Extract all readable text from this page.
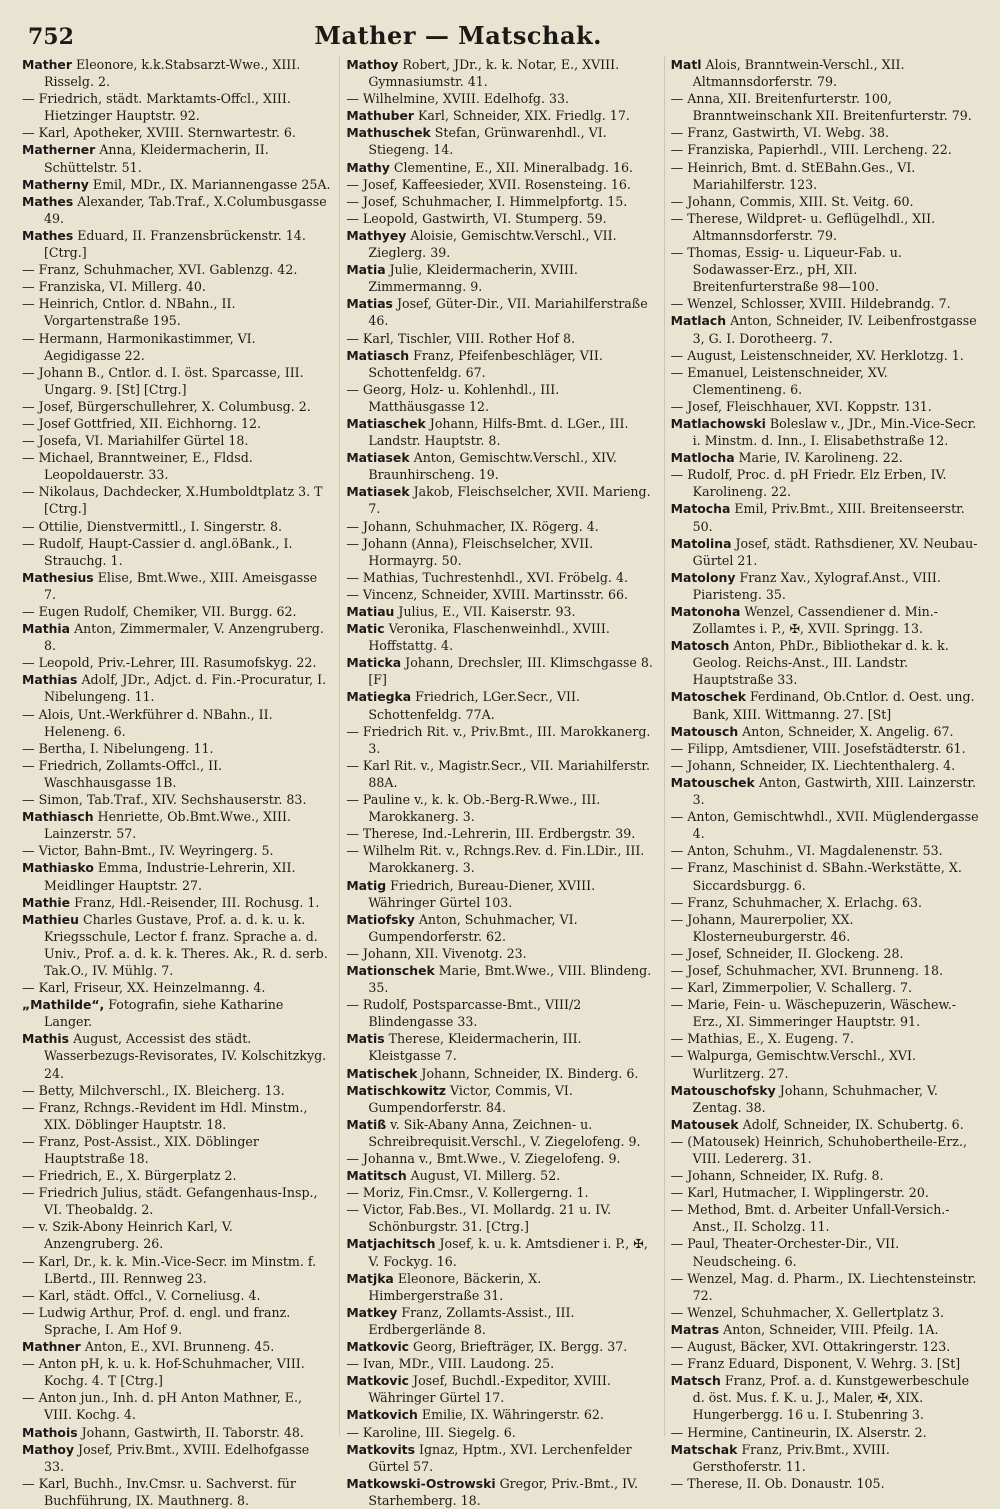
752	Mather — Matschak.

Mather Eleonore, k.k.Stabsarzt-Wwe., XIII. Risselg. 2.

— Friedrich, städt. Marktamts-Offcl., XIII. Hietzinger Hauptstr. 92.

— Karl, Apotheker, XVIII. Sternwartestr. 6.

Matherner Anna, Kleidermacherin, II. Schüttelstr. 51.

Matherny Emil, MDr., IX. Mariannengasse 25A.

Mathes Alexander, Tab.Traf., X.Columbusgasse 49.

Mathes Eduard, II. Franzensbrückenstr. 14. [Ctrg.]

— Franz, Schuhmacher, XVI. Gablenzg. 42.

— Franziska, VI. Millerg. 40.

— Heinrich, Cntlor. d. NBahn., II. Vorgartenstraße 195.

— Hermann, Harmonikastimmer, VI. Aegidigasse 22.

— Johann B., Cntlor. d. I. öst. Sparcasse, III. Ungarg. 9. [St] [Ctrg.]

— Josef, Bürgerschullehrer, X. Columbusg. 2.

— Josef Gottfried, XII. Eichhorng. 12.

— Josefa, VI. Mariahilfer Gürtel 18.

— Michael, Branntweiner, E., Fldsd. Leopoldauerstr. 33.

— Nikolaus, Dachdecker, X.Humboldtplatz 3. T [Ctrg.]

— Ottilie, Dienstvermittl., I. Singerstr. 8.

— Rudolf, Haupt-Cassier d. angl.öBank., I. Strauchg. 1.

Mathesius Elise, Bmt.Wwe., XIII. Ameisgasse 7.

— Eugen Rudolf, Chemiker, VII. Burgg. 62.

Mathia Anton, Zimmermaler, V. Anzengruberg. 8.

— Leopold, Priv.-Lehrer, III. Rasumofskyg. 22.

Mathias Adolf, JDr., Adjct. d. Fin.-Procuratur, I. Nibelungeng. 11.

— Alois, Unt.-Werkführer d. NBahn., II. Heleneng. 6.

— Bertha, I. Nibelungeng. 11.

— Friedrich, Zollamts-Offcl., II. Waschhausgasse 1B.

— Simon, Tab.Traf., XIV. Sechshauserstr. 83.

Mathiasch Henriette, Ob.Bmt.Wwe., XIII. Lainzerstr. 57.

— Victor, Bahn-Bmt., IV. Weyringerg. 5.

Mathiasko Emma, Industrie-Lehrerin, XII. Meidlinger Hauptstr. 27.

Mathie Franz, Hdl.-Reisender, III. Rochusg. 1.

Mathieu Charles Gustave, Prof. a. d. k. u. k. Kriegsschule, Lector f. franz. Sprache a. d. Univ., Prof. a. d. k. k. Theres. Ak., R. d. serb. Tak.O., IV. Mühlg. 7.

— Karl, Friseur, XX. Heinzelmanng. 4.

„Mathilde“, Fotografin, siehe Katharine Langer.

Mathis August, Accessist des städt. Wasserbezugs-Revisorates, IV. Kolschitzkyg. 24.

— Betty, Milchverschl., IX. Bleicherg. 13.

— Franz, Rchngs.-Revident im Hdl. Minstm., XIX. Döblinger Hauptstr. 18.

— Franz, Post-Assist., XIX. Döblinger Hauptstraße 18.

— Friedrich, E., X. Bürgerplatz 2.

— Friedrich Julius, städt. Gefangenhaus-Insp., VI. Theobaldg. 2.

— v. Szik-Abony Heinrich Karl, V. Anzengruberg. 26.

— Karl, Dr., k. k. Min.-Vice-Secr. im Minstm. f. LBertd., III. Rennweg 23.

— Karl, städt. Offcl., V. Corneliusg. 4.

— Ludwig Arthur, Prof. d. engl. und franz. Sprache, I. Am Hof 9.

Mathner Anton, E., XVI. Brunneng. 45.

— Anton pH, k. u. k. Hof-Schuhmacher, VIII. Kochg. 4. T [Ctrg.]

— Anton jun., Inh. d. pH Anton Mathner, E., VIII. Kochg. 4.

Mathois Johann, Gastwirth, II. Taborstr. 48.

Mathoy Josef, Priv.Bmt., XVIII. Edelhofgasse 33.

— Karl, Buchh., Inv.Cmsr. u. Sachverst. für Buchführung, IX. Mauthnerg. 8.

Mathoy Robert, JDr., k. k. Notar, E., XVIII. Gymnasiumstr. 41.

— Wilhelmine, XVIII. Edelhofg. 33.

Mathuber Karl, Schneider, XIX. Friedlg. 17.

Mathuschek Stefan, Grünwarenhdl., VI. Stiegeng. 14.

Mathy Clementine, E., XII. Mineralbadg. 16.

— Josef, Kaffeesieder, XVII. Rosensteing. 16.

— Josef, Schuhmacher, I. Himmelpfortg. 15.

— Leopold, Gastwirth, VI. Stumperg. 59.

Mathyey Aloisie, Gemischtw.Verschl., VII. Zieglerg. 39.

Matia Julie, Kleidermacherin, XVIII. Zimmermanng. 9.

Matias Josef, Güter-Dir., VII. Mariahilferstraße 46.

— Karl, Tischler, VIII. Rother Hof 8.

Matiasch Franz, Pfeifenbeschläger, VII. Schottenfeldg. 67.

— Georg, Holz- u. Kohlenhdl., III. Matthäusgasse 12.

Matiaschek Johann, Hilfs-Bmt. d. LGer., III. Landstr. Hauptstr. 8.

Matiasek Anton, Gemischtw.Verschl., XIV. Braunhirscheng. 19.

Matiasek Jakob, Fleischselcher, XVII. Marieng. 7.

— Johann, Schuhmacher, IX. Rögerg. 4.

— Johann (Anna), Fleischselcher, XVII. Hormayrg. 50.

— Mathias, Tuchrestenhdl., XVI. Fröbelg. 4.

— Vincenz, Schneider, XVIII. Martinsstr. 66.

Matiau Julius, E., VII. Kaiserstr. 93.

Matic Veronika, Flaschenweinhdl., XVIII. Hoffstattg. 4.

Maticka Johann, Drechsler, III. Klimschgasse 8. [F]

Matiegka Friedrich, LGer.Secr., VII. Schottenfeldg. 77A.

— Friedrich Rit. v., Priv.Bmt., III. Marokkanerg. 3.

— Karl Rit. v., Magistr.Secr., VII. Mariahilferstr. 88A.

— Pauline v., k. k. Ob.-Berg-R.Wwe., III. Marokkanerg. 3.

— Therese, Ind.-Lehrerin, III. Erdbergstr. 39.

— Wilhelm Rit. v., Rchngs.Rev. d. Fin.LDir., III. Marokkanerg. 3.

Matig Friedrich, Bureau-Diener, XVIII. Währinger Gürtel 103.

Matiofsky Anton, Schuhmacher, VI. Gumpendorferstr. 62.

— Johann, XII. Vivenotg. 23.

Mationschek Marie, Bmt.Wwe., VIII. Blindeng. 35.

— Rudolf, Postsparcasse-Bmt., VIII/2 Blindengasse 33.

Matis Therese, Kleidermacherin, III. Kleistgasse 7.

Matischek Johann, Schneider, IX. Binderg. 6.

Matischkowitz Victor, Commis, VI. Gumpendorferstr. 84.

Matiß v. Sik-Abany Anna, Zeichnen- u. Schreibrequisit.Verschl., V. Ziegelofeng. 9.

— Johanna v., Bmt.Wwe., V. Ziegelofeng. 9.

Matitsch August, VI. Millerg. 52.

— Moriz, Fin.Cmsr., V. Kollergerng. 1.

— Victor, Fab.Bes., VI. Mollardg. 21 u. IV. Schönburgstr. 31. [Ctrg.]

Matjachitsch Josef, k. u. k. Amtsdiener i. P., ✠, V. Fockyg. 16.

Matjka Eleonore, Bäckerin, X. Himbergerstraße 31.

Matkey Franz, Zollamts-Assist., III. Erdbergerlände 8.

Matkovic Georg, Briefträger, IX. Bergg. 37.

— Ivan, MDr., VIII. Laudong. 25.

Matkovic Josef, Buchdl.-Expeditor, XVIII. Währinger Gürtel 17.

Matkovich Emilie, IX. Währingerstr. 62.

— Karoline, III. Siegelg. 6.

Matkovits Ignaz, Hptm., XVI. Lerchenfelder Gürtel 57.

Matkowski-Ostrowski Gregor, Priv.-Bmt., IV. Starhemberg. 18.

Matl Alois, Branntwein-Verschl., XII. Altmannsdorferstr. 79.

— Anna, XII. Breitenfurterstr. 100, Branntweinschank XII. Breitenfurterstr. 79.

— Franz, Gastwirth, VI. Webg. 38.

— Franziska, Papierhdl., VIII. Lercheng. 22.

— Heinrich, Bmt. d. StEBahn.Ges., VI. Mariahilferstr. 123.

— Johann, Commis, XIII. St. Veitg. 60.

— Therese, Wildpret- u. Geflügelhdl., XII. Altmannsdorferstr. 79.

— Thomas, Essig- u. Liqueur-Fab. u. Sodawasser-Erz., pH, XII. Breitenfurterstraße 98—100.

— Wenzel, Schlosser, XVIII. Hildebrandg. 7.

Matlach Anton, Schneider, IV. Leibenfrostgasse 3, G. I. Dorotheerg. 7.

— August, Leistenschneider, XV. Herklotzg. 1.

— Emanuel, Leistenschneider, XV. Clementineng. 6.

— Josef, Fleischhauer, XVI. Koppstr. 131.

Matlachowski Boleslaw v., JDr., Min.-Vice-Secr. i. Minstm. d. Inn., I. Elisabethstraße 12.

Matlocha Marie, IV. Karolineng. 22.

— Rudolf, Proc. d. pH Friedr. Elz Erben, IV. Karolineng. 22.

Matocha Emil, Priv.Bmt., XIII. Breitenseerstr. 50.

Matolina Josef, städt. Rathsdiener, XV. Neubau-Gürtel 21.

Matolony Franz Xav., Xylograf.Anst., VIII. Piaristeng. 35.

Matonoha Wenzel, Cassendiener d. Min.-Zollamtes i. P., ✠, XVII. Springg. 13.

Matosch Anton, PhDr., Bibliothekar d. k. k. Geolog. Reichs-Anst., III. Landstr. Hauptstraße 33.

Matoschek Ferdinand, Ob.Cntlor. d. Oest. ung. Bank, XIII. Wittmanng. 27. [St]

Matousch Anton, Schneider, X. Angelig. 67.

— Filipp, Amtsdiener, VIII. Josefstädterstr. 61.

— Johann, Schneider, IX. Liechtenthalerg. 4.

Matouschek Anton, Gastwirth, XIII. Lainzerstr. 3.

— Anton, Gemischtwhdl., XVII. Müglendergasse 4.

— Anton, Schuhm., VI. Magdalenenstr. 53.

— Franz, Maschinist d. SBahn.-Werkstätte, X. Siccardsburgg. 6.

— Franz, Schuhmacher, X. Erlachg. 63.

— Johann, Maurerpolier, XX. Klosterneuburgerstr. 46.

— Josef, Schneider, II. Glockeng. 28.

— Josef, Schuhmacher, XVI. Brunneng. 18.

— Karl, Zimmerpolier, V. Schallerg. 7.

— Marie, Fein- u. Wäschepuzerin, Wäschew.-Erz., XI. Simmeringer Hauptstr. 91.

— Mathias, E., X. Eugeng. 7.

— Walpurga, Gemischtw.Verschl., XVI. Wurlitzerg. 27.

Matouschofsky Johann, Schuhmacher, V. Zentag. 38.

Matousek Adolf, Schneider, IX. Schubertg. 6.

— (Matousek) Heinrich, Schuhobertheile-Erz., VIII. Ledererg. 31.

— Johann, Schneider, IX. Rufg. 8.

— Karl, Hutmacher, I. Wipplingerstr. 20.

— Method, Bmt. d. Arbeiter Unfall-Versich.-Anst., II. Scholzg. 11.

— Paul, Theater-Orchester-Dir., VII. Neudscheing. 6.

— Wenzel, Mag. d. Pharm., IX. Liechtensteinstr. 72.

— Wenzel, Schuhmacher, X. Gellertplatz 3.

Matras Anton, Schneider, VIII. Pfeilg. 1A.

— August, Bäcker, XVI. Ottakringerstr. 123.

— Franz Eduard, Disponent, V. Wehrg. 3. [St]

Matsch Franz, Prof. a. d. Kunstgewerbeschule d. öst. Mus. f. K. u. J., Maler, ✠, XIX. Hungerbergg. 16 u. I. Stubenring 3.

— Hermine, Cantineurin, IX. Alserstr. 2.

Matschak Franz, Priv.Bmt., XVIII. Gersthoferstr. 11.

— Therese, II. Ob. Donaustr. 105.
